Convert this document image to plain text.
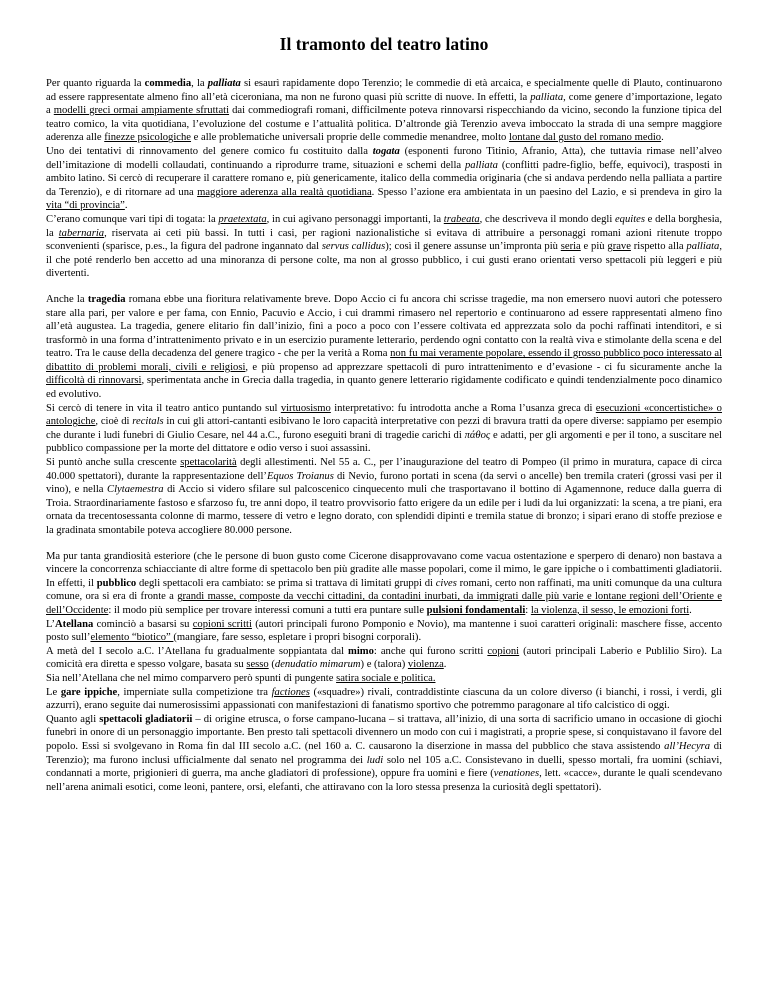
Il tramonto del teatro latino
Per quanto riguarda la commedia, la palliata si esaurì rapidamente dopo Terenzio; le commedie di età arcaica, e specialmente quelle di Plauto, continuarono ad essere rappresentate almeno fino all’età ciceroniana, ma non ne furono quasi più scritte di nuove. In effetti, la palliata, come genere d’importazione, legato a modelli greci ormai ampiamente sfruttati dai commediografi romani, difficilmente poteva rinnovarsi rispecchiando da vicino, secondo la funzione tipica del teatro comico, la vita quotidiana, l’evoluzione del costume e l’attualità politica. D’altronde già Terenzio aveva imboccato la strada di una sempre maggiore aderenza alle finezze psicologiche e alle problematiche universali proprie delle commedie menandree, molto lontane dal gusto del romano medio.
Uno dei tentativi di rinnovamento del genere comico fu costituito dalla togata (esponenti furono Titinio, Afranio, Atta), che tuttavia rimase nell’alveo dell’imitazione di modelli collaudati, continuando a riprodurre trame, situazioni e schemi della palliata (conflitti padre-figlio, beffe, equivoci), trasposti in ambito latino. Si cercò di recuperare il carattere romano e, più genericamente, italico della commedia originaria (che si andava perdendo nella palliata a partire da Terenzio), e di ritornare ad una maggiore aderenza alla realtà quotidiana. Spesso l’azione era ambientata in un paesino del Lazio, e si prendeva in giro la vita “di provincia”.
C’erano comunque vari tipi di togata: la praetextata, in cui agivano personaggi importanti, la trabeata, che descriveva il mondo degli equites e della borghesia, la tabernaria, riservata ai ceti più bassi. In tutti i casi, per ragioni nazionalistiche si evitava di attribuire a personaggi romani azioni ritenute troppo sconvenienti (sparisce, p.es., la figura del padrone ingannato dal servus callidus); così il genere assunse un’impronta più seria e più grave rispetto alla palliata, il che poté renderlo ben accetto ad una minoranza di persone colte, ma non al grosso pubblico, i cui gusti erano orientati verso spettacoli più leggeri e più divertenti.
Anche la tragedia romana ebbe una fioritura relativamente breve. Dopo Accio ci fu ancora chi scrisse tragedie, ma non emersero nuovi autori che potessero stare alla pari, per valore e per fama, con Ennio, Pacuvio e Accio, i cui drammi rimasero nel repertorio e continuarono ad essere rappresentati almeno fino all’età augustea. La tragedia, genere elitario fin dall’inizio, finì a poco a poco con l’essere coltivata ed apprezzata solo da pochi raffinati intenditori, e si trasformò in una forma d’intrattenimento privato e in un esercizio puramente letterario, perdendo ogni contatto con la realtà viva e stimolante della scena e del teatro. Tra le cause della decadenza del genere tragico - che per la verità a Roma non fu mai veramente popolare, essendo il grosso pubblico poco interessato al dibattito di problemi morali, civili e religiosi, e più propenso ad apprezzare spettacoli di puro intrattenimento e d’evasione - ci fu sicuramente anche la difficoltà di rinnovarsi, sperimentata anche in Grecia dalla tragedia, in quanto genere letterario rigidamente codificato e quindi tendenzialmente poco dinamico ed evolutivo.
Si cercò di tenere in vita il teatro antico puntando sul virtuosismo interpretativo: fu introdotta anche a Roma l’usanza greca di esecuzioni «concertistiche» o antologiche, cioè di recitals in cui gli attori-cantanti esibivano le loro capacità interpretative con pezzi di bravura tratti da opere diverse: sappiamo per esempio che durante i ludi funebri di Giulio Cesare, nel 44 a.C., furono eseguiti brani di tragedie carichi di πάθος e adatti, per gli argomenti e per il tono, a suscitare nel pubblico compassione per la morte del dittatore e odio verso i suoi assassini.
Si puntò anche sulla crescente spettacolarità degli allestimenti. Nel 55 a. C., per l’inaugurazione del teatro di Pompeo (il primo in muratura, capace di circa 40.000 spettatori), durante la rappresentazione dell’Equos Troianus di Nevio, furono portati in scena (da servi o ancelle) ben tremila crateri (grossi vasi per il vino), e nella Clytaemestra di Accio si videro sfilare sul palcoscenico cinquecento muli che trasportavano il bottino di Agamennone, reduce dalla guerra di Troia. Straordinariamente fastoso e sfarzoso fu, tre anni dopo, il teatro provvisorio fatto erigere da un edile per i ludi da lui organizzati: la scena, a tre piani, era ornata da trecentosessanta colonne di marmo, tessere di vetro e legno dorato, con splendidi dipinti e tremila statue di bronzo; i sipari erano di stoffe preziose e la gradinata smontabile poteva accogliere 80.000 persone.
Ma pur tanta grandiosità esteriore (che le persone di buon gusto come Cicerone disapprovavano come vacua ostentazione e sperpero di denaro) non bastava a vincere la concorrenza schiacciante di altre forme di spettacolo ben più gradite alle masse popolari, come il mimo, le gare ippiche o i combattimenti gladiatorii. In effetti, il pubblico degli spettacoli era cambiato: se prima si trattava di limitati gruppi di cives romani, certo non raffinati, ma uniti comunque da una cultura comune, ora si era di fronte a grandi masse, composte da vecchi cittadini, da contadini inurbati, da immigrati dalle più varie e lontane regioni dell’Oriente e dell’Occidente: il modo più semplice per trovare interessi comuni a tutti era puntare sulle pulsioni fondamentali: la violenza, il sesso, le emozioni forti.
L’Atellana cominciò a basarsi su copioni scritti (autori principali furono Pomponio e Novio), ma mantenne i suoi caratteri originali: maschere fisse, accento posto sull’elemento “biotico” (mangiare, fare sesso, espletare i propri bisogni corporali).
A metà del I secolo a.C. l’Atellana fu gradualmente soppiantata dal mimo: anche qui furono scritti copioni (autori principali Laberio e Publilio Siro). La comicità era diretta e spesso volgare, basata su sesso (denudatio mimarum) e (talora) violenza.
Sia nell’Atellana che nel mimo comparvero però spunti di pungente satira sociale e politica.
Le gare ippiche, imperniate sulla competizione tra factiones («squadre») rivali, contraddistinte ciascuna da un colore diverso (i bianchi, i rossi, i verdi, gli azzurri), erano seguite dai numerosissimi appassionati con manifestazioni di fanatismo sportivo che potremmo paragonare al tifo calcistico di oggi.
Quanto agli spettacoli gladiatorii – di origine etrusca, o forse campano-lucana – si trattava, all’inizio, di una sorta di sacrificio umano in occasione di giochi funebri in onore di un personaggio importante. Ben presto tali spettacoli divennero un modo con cui i magistrati, a proprie spese, si conquistavano il favore del popolo. Essi si svolgevano in Roma fin dal III secolo a.C. (nel 160 a. C. causarono la diserzione in massa del pubblico che stava assistendo all’Hecyra di Terenzio); ma furono inclusi ufficialmente dal senato nel programma dei ludi solo nel 105 a.C. Consistevano in duelli, spesso mortali, fra uomini (schiavi, condannati a morte, prigionieri di guerra, ma anche gladiatori di professione), oppure fra uomini e fiere (venationes, lett. «cacce», durante le quali scendevano nell’arena animali esotici, come leoni, pantere, orsi, elefanti, che attiravano con la loro stessa presenza la curiosità degli spettatori).
